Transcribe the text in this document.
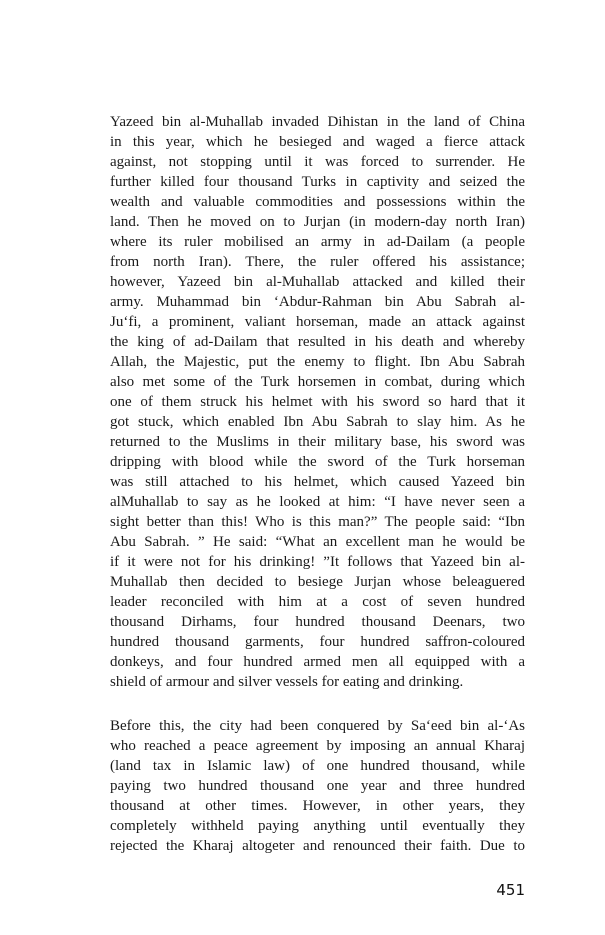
Yazeed bin al-Muhallab invaded Dihistan in the land of China
in this year, which he besieged and waged a fierce attack
against, not stopping until it was forced to surrender. He
further killed four thousand Turks in captivity and seized the
wealth and valuable commodities and possessions within the
land. Then he moved on to Jurjan (in modern-day north Iran)
where its ruler mobilised an army in ad-Dailam (a people
from north Iran). There, the ruler offered his assistance;
however, Yazeed bin al-Muhallab attacked and killed their
army. Muhammad bin ‘Abdur-Rahman bin Abu Sabrah al-
Ju‘fi, a prominent, valiant horseman, made an attack against
the king of ad-Dailam that resulted in his death and whereby
Allah, the Majestic, put the enemy to flight. Ibn Abu Sabrah
also met some of the Turk horsemen in combat, during which
one of them struck his helmet with his sword so hard that it
got stuck, which enabled Ibn Abu Sabrah to slay him. As he
returned to the Muslims in their military base, his sword was
dripping with blood while the sword of the Turk horseman
was still attached to his helmet, which caused Yazeed bin
alMuhallab to say as he looked at him: “I have never seen a
sight better than this! Who is this man?” The people said: “Ibn
Abu Sabrah. ” He said: “What an excellent man he would be
if it were not for his drinking! ”It follows that Yazeed bin al-
Muhallab then decided to besiege Jurjan whose beleaguered
leader reconciled with him at a cost of seven hundred
thousand Dirhams, four hundred thousand Deenars, two
hundred thousand garments, four hundred saffron-coloured
donkeys, and four hundred armed men all equipped with a
shield of armour and silver vessels for eating and drinking.
Before this, the city had been conquered by Sa‘eed bin al-‘As
who reached a peace agreement by imposing an annual Kharaj
(land tax in Islamic law) of one hundred thousand, while
paying two hundred thousand one year and three hundred
thousand at other times. However, in other years, they
completely withheld paying anything until eventually they
rejected the Kharaj altogeter and renounced their faith. Due to
451
